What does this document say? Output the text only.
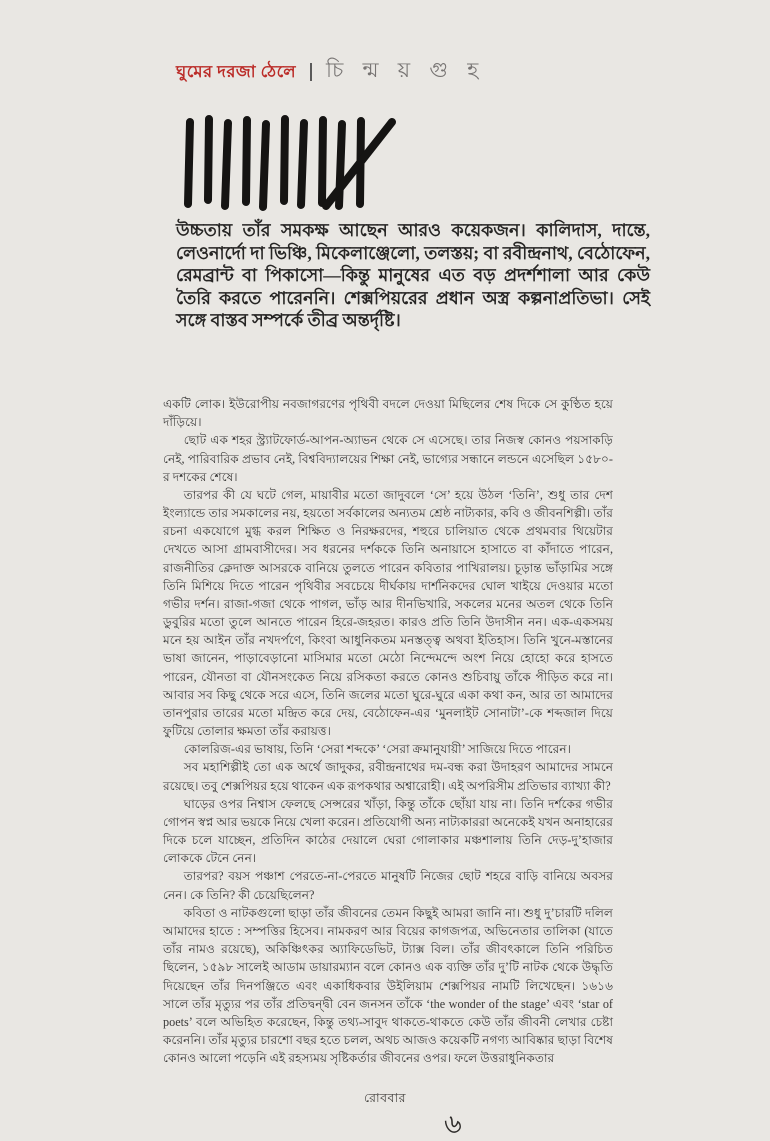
ঘুমের দরজা ঠেলে চি ন্ম য় গু হ

উচ্চতায় তাঁর সমকক্ষ আছেন আরও কয়েকজন। কালিদাস, দান্তে, লেওনার্দো দা ভিঞ্চি, মিকেলাঞ্জেলো, তলস্তয়; বা রবীন্দ্রনাথ, বেঠোফেন, রেমব্রান্ট বা পিকাসো—কিন্তু মানুষের এত বড় প্রদর্শশালা আর কেউ তৈরি করতে পারেননি। শেক্সপিয়রের প্রধান অস্ত্র কল্পনাপ্রতিভা। সেই সঙ্গে বাস্তব সম্পর্কে তীব্র অন্তর্দৃষ্টি।

একটি লোক। ইউরোপীয় নবজাগরণের পৃথিবী বদলে দেওয়া মিছিলের শেষ দিকে সে কুণ্ঠিত হয়ে দাঁড়িয়ে।

ছোট এক শহর স্ট্র্যাটফোর্ড-আপন-অ্যাভন থেকে সে এসেছে। তার নিজস্ব কোনও পয়সাকড়ি নেই, পারিবারিক প্রভাব নেই, বিশ্ববিদ্যালয়ের শিক্ষা নেই, ভাগ্যের সন্ধানে লন্ডনে এসেছিল ১৫৮০-র দশকের শেষে।

তারপর কী যে ঘটে গেল, মায়াবীর মতো জাদুবলে ‘সে’ হয়ে উঠল ‘তিনি’, শুধু তার দেশ ইংল্যান্ডে তার সমকালের নয়, হয়তো সর্বকালের অন্যতম শ্রেষ্ঠ নাট্যকার, কবি ও জীবনশিল্পী। তাঁর রচনা একযোগে মুগ্ধ করল শিক্ষিত ও নিরক্ষরদের, শহুরে চালিয়াত থেকে প্রথমবার থিয়েটার দেখতে আসা গ্রামবাসীদের। সব ধরনের দর্শককে তিনি অনায়াসে হাসাতে বা কাঁদাতে পারেন, রাজনীতির ক্লেদাক্ত আসরকে বানিয়ে তুলতে পারেন কবিতার পাখিরালয়। চূড়ান্ত ভাঁড়ামির সঙ্গে তিনি মিশিয়ে দিতে পারেন পৃথিবীর সবচেয়ে দীর্ঘকায় দার্শনিকদের ঘোল খাইয়ে দেওয়ার মতো গভীর দর্শন। রাজা-গজা থেকে পাগল, ভাঁড় আর দীনভিখারি, সকলের মনের অতল থেকে তিনি ডুবুরির মতো তুলে আনতে পারেন হিরে-জহরত। কারও প্রতি তিনি উদাসীন নন। এক-একসময় মনে হয় আইন তাঁর নখদর্পণে, কিংবা আধুনিকতম মনস্তত্ত্ব অথবা ইতিহাস। তিনি খুনে-মস্তানের ভাষা জানেন, পাড়াবেড়ানো মাসিমার মতো মেঠো নিন্দেমন্দে অংশ নিয়ে হোহো করে হাসতে পারেন, যৌনতা বা যৌনসংকেত নিয়ে রসিকতা করতে কোনও শুচিবায়ু তাঁকে পীড়িত করে না। আবার সব কিছু থেকে সরে এসে, তিনি জলের মতো ঘুরে-ঘুরে একা কথা কন, আর তা আমাদের তানপুরার তারের মতো মন্দ্রিত করে দেয়, বেঠোফেন-এর ‘মুনলাইট সোনাটা’-কে শব্দজাল দিয়ে ফুটিয়ে তোলার ক্ষমতা তাঁর করায়ত্ত।

কোলরিজ-এর ভাষায়, তিনি ‘সেরা শব্দকে’ ‘সেরা ক্রমানুযায়ী’ সাজিয়ে দিতে পারেন।

সব মহাশিল্পীই তো এক অর্থে জাদুকর, রবীন্দ্রনাথের দম-বন্ধ করা উদাহরণ আমাদের সামনে রয়েছে। তবু শেক্সপিয়র হয়ে থাকেন এক রূপকথার অশ্বারোহী। এই অপরিসীম প্রতিভার ব্যাখ্যা কী?

ঘাড়ের ওপর নিশ্বাস ফেলছে সেন্সরের খাঁড়া, কিন্তু তাঁকে ছোঁয়া যায় না। তিনি দর্শকের গভীর গোপন স্বপ্ন আর ভয়কে নিয়ে খেলা করেন। প্রতিযোগী অন্য নাট্যকাররা অনেকেই যখন অনাহারের দিকে চলে যাচ্ছেন, প্রতিদিন কাঠের দেয়ালে ঘেরা গোলাকার মঞ্চশালায় তিনি দেড়-দু’হাজার লোককে টেনে নেন।

তারপর? বয়স পঞ্চাশ পেরতে-না-পেরতে মানুষটি নিজের ছোট শহরে বাড়ি বানিয়ে অবসর নেন। কে তিনি? কী চেয়েছিলেন?

কবিতা ও নাটকগুলো ছাড়া তাঁর জীবনের তেমন কিছুই আমরা জানি না। শুধু দু’চারটি দলিল আমাদের হাতে : সম্পত্তির হিসেব। নামকরণ আর বিয়ের কাগজপত্র, অভিনেতার তালিকা (যাতে তাঁর নামও রয়েছে), অকিঞ্চিৎকর অ্যাফিডেভিট, ট্যাক্স বিল। তাঁর জীবৎকালে তিনি পরিচিত ছিলেন, ১৫৯৮ সালেই আডাম ডায়ারম্যান বলে কোনও এক ব্যক্তি তাঁর দু’টি নাটক থেকে উদ্ধৃতি দিয়েছেন তাঁর দিনপঞ্জিতে এবং একাধিকবার উইলিয়াম শেক্সপিয়র নামটি লিখেছেন। ১৬১৬ সালে তাঁর মৃত্যুর পর তাঁর প্রতিদ্বন্দ্বী বেন জনসন তাঁকে ‘the wonder of the stage’ এবং ‘star of poets’ বলে অভিহিত করেছেন, কিন্তু তথ্য-সাবুদ থাকতে-থাকতে কেউ তাঁর জীবনী লেখার চেষ্টা করেননি। তাঁর মৃত্যুর চারশো বছর হতে চলল, অথচ আজও কয়েকটি নগণ্য আবিষ্কার ছাড়া বিশেষ কোনও আলো পড়েনি এই রহস্যময় সৃষ্টিকর্তার জীবনের ওপর। ফলে উত্তরাধুনিকতার

রোববার
৬
